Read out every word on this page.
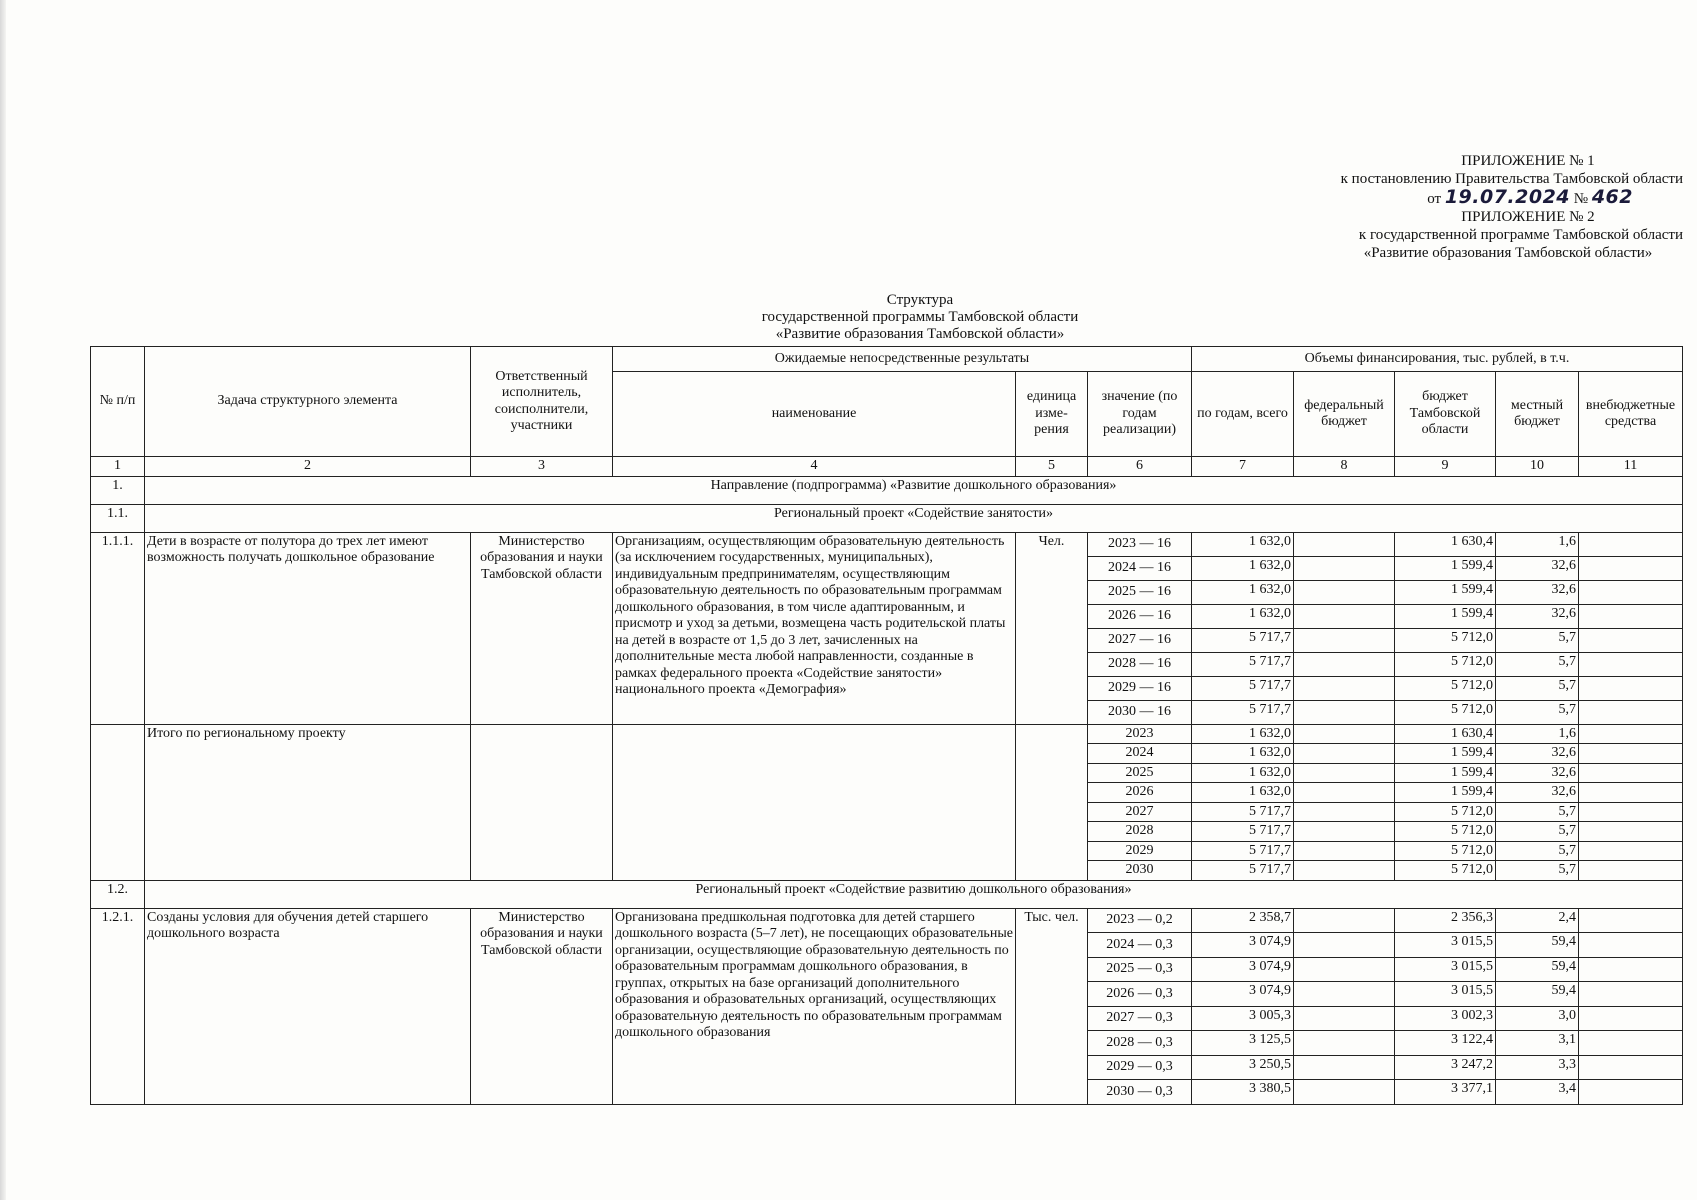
ПРИЛОЖЕНИЕ № 1
к постановлению Правительства Тамбовской области
от 19.07.2024 № 462
ПРИЛОЖЕНИЕ № 2
к государственной программе Тамбовской области
«Развитие образования Тамбовской области»
Структура
государственной программы Тамбовской области
«Развитие образования Тамбовской области»
№ п/п	Задача структурного элемента	Ответственный исполнитель, соисполнители, участники	Ожидаемые непосредственные результаты			Объемы финансирования, тыс. рублей, в т.ч.				
			наименование	единица изме-рения	значение (по годам реализации)	по годам, всего	федеральный бюджет	бюджет Тамбовской области	местный бюджет	внебюджетные средства
1	2	3	4	5	6	7	8	9	10	11
1.	Направление (подпрограмма) «Развитие дошкольного образования»									
1.1.	Региональный проект «Содействие занятости»									
1.1.1.	Дети в возрасте от полутора до трех лет имеют возможность получать дошкольное образование	Министерство образования и науки Тамбовской области	Организациям, осуществляющим образовательную деятельность (за исключением государственных, муниципальных), индивидуальным предпринимателям, осуществляющим образовательную деятельность по образовательным программам дошкольного образования, в том числе адаптированным, и присмотр и уход за детьми, возмещена часть родительской платы на детей в возрасте от 1,5 до 3 лет, зачисленных на дополнительные места любой направленности, созданные в рамках федерального проекта «Содействие занятости» национального проекта «Демография»	Чел.	2023 — 16	1 632,0		1 630,4	1,6	
					2024 — 16	1 632,0		1 599,4	32,6	
					2025 — 16	1 632,0		1 599,4	32,6	
					2026 — 16	1 632,0		1 599,4	32,6	
					2027 — 16	5 717,7		5 712,0	5,7	
					2028 — 16	5 717,7		5 712,0	5,7	
					2029 — 16	5 717,7		5 712,0	5,7	
					2030 — 16	5 717,7		5 712,0	5,7	
	Итого по региональному проекту				2023	1 632,0		1 630,4	1,6	
					2024	1 632,0		1 599,4	32,6	
					2025	1 632,0		1 599,4	32,6	
					2026	1 632,0		1 599,4	32,6	
					2027	5 717,7		5 712,0	5,7	
					2028	5 717,7		5 712,0	5,7	
					2029	5 717,7		5 712,0	5,7	
					2030	5 717,7		5 712,0	5,7	
1.2.	Региональный проект «Содействие развитию дошкольного образования»									
1.2.1.	Созданы условия для обучения детей старшего дошкольного возраста	Министерство образования и науки Тамбовской области	Организована предшкольная подготовка для детей старшего дошкольного возраста (5–7 лет), не посещающих образовательные организации, осуществляющие образовательную деятельность по образовательным программам дошкольного образования, в группах, открытых на базе организаций дополнительного образования и образовательных организаций, осуществляющих образовательную деятельность по образовательным программам дошкольного образования	Тыс. чел.	2023 — 0,2	2 358,7		2 356,3	2,4	
					2024 — 0,3	3 074,9		3 015,5	59,4	
					2025 — 0,3	3 074,9		3 015,5	59,4	
					2026 — 0,3	3 074,9		3 015,5	59,4	
					2027 — 0,3	3 005,3		3 002,3	3,0	
					2028 — 0,3	3 125,5		3 122,4	3,1	
					2029 — 0,3	3 250,5		3 247,2	3,3	
					2030 — 0,3	3 380,5		3 377,1	3,4	
